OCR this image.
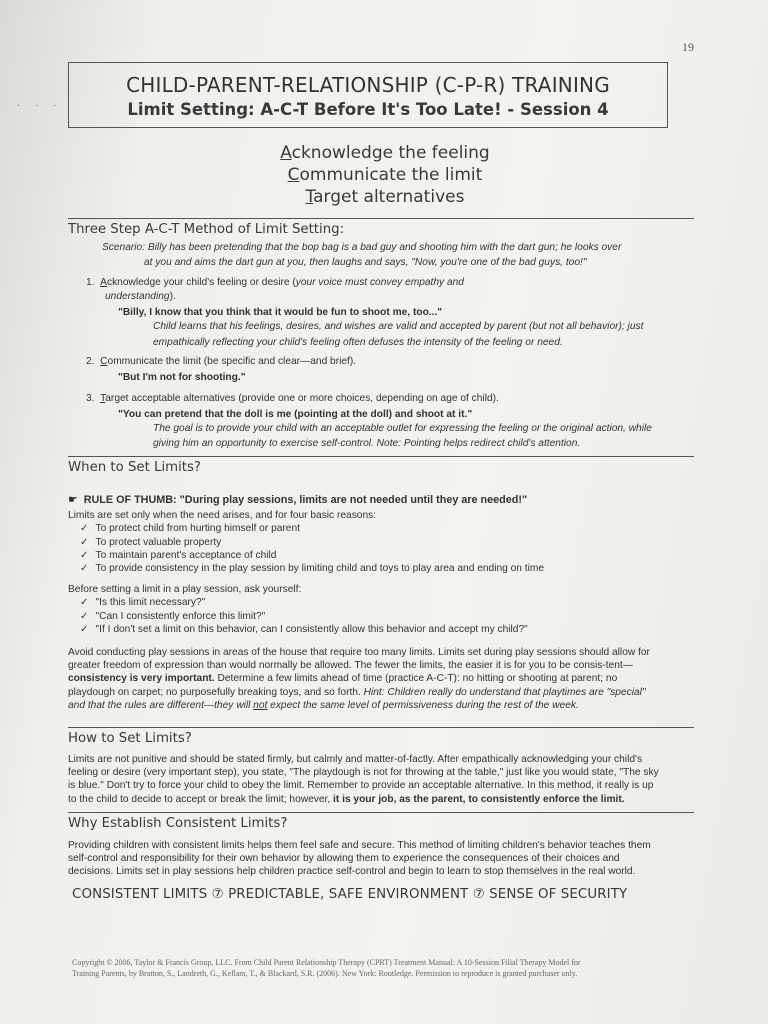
19
· · ·
CHILD-PARENT-RELATIONSHIP (C-P-R) TRAINING
Limit Setting: A-C-T Before It's Too Late! - Session 4
Acknowledge the feeling
Communicate the limit
Target alternatives
Three Step A-C-T Method of Limit Setting:
Scenario: Billy has been pretending that the bop bag is a bad guy and shooting him with the dart gun; he looks over
at you and aims the dart gun at you, then laughs and says, "Now, you're one of the bad guys, too!"
1. Acknowledge your child's feeling or desire (your voice must convey empathy and
understanding).
"Billy, I know that you think that it would be fun to shoot me, too..."
Child learns that his feelings, desires, and wishes are valid and accepted by parent (but not all behavior); just
empathically reflecting your child's feeling often defuses the intensity of the feeling or need.
2. Communicate the limit (be specific and clear—and brief).
"But I'm not for shooting."
3. Target acceptable alternatives (provide one or more choices, depending on age of child).
"You can pretend that the doll is me (pointing at the doll) and shoot at it."
The goal is to provide your child with an acceptable outlet for expressing the feeling or the original action, while
giving him an opportunity to exercise self-control. Note: Pointing helps redirect child's attention.
When to Set Limits?
☛ RULE OF THUMB: "During play sessions, limits are not needed until they are needed!"
Limits are set only when the need arises, and for four basic reasons:
✓ To protect child from hurting himself or parent
✓ To protect valuable property
✓ To maintain parent's acceptance of child
✓ To provide consistency in the play session by limiting child and toys to play area and ending on time
Before setting a limit in a play session, ask yourself:
✓ "Is this limit necessary?"
✓ "Can I consistently enforce this limit?"
✓ "If I don't set a limit on this behavior, can I consistently allow this behavior and accept my child?"
Avoid conducting play sessions in areas of the house that require too many limits. Limits set during play sessions should allow for
greater freedom of expression than would normally be allowed. The fewer the limits, the easier it is for you to be consis-tent—
consistency is very important. Determine a few limits ahead of time (practice A-C-T): no hitting or shooting at parent; no
playdough on carpet; no purposefully breaking toys, and so forth. Hint: Children really do understand that playtimes are "special"
and that the rules are different—they will not expect the same level of permissiveness during the rest of the week.
How to Set Limits?
Limits are not punitive and should be stated firmly, but calmly and matter-of-factly. After empathically acknowledging your child's
feeling or desire (very important step), you state, "The playdough is not for throwing at the table," just like you would state, "The sky
is blue." Don't try to force your child to obey the limit. Remember to provide an acceptable alternative. In this method, it really is up
to the child to decide to accept or break the limit; however, it is your job, as the parent, to consistently enforce the limit.
Why Establish Consistent Limits?
Providing children with consistent limits helps them feel safe and secure. This method of limiting children's behavior teaches them
self-control and responsibility for their own behavior by allowing them to experience the consequences of their choices and
decisions. Limits set in play sessions help children practice self-control and begin to learn to stop themselves in the real world.
CONSISTENT LIMITS ⑦ PREDICTABLE, SAFE ENVIRONMENT ⑦ SENSE OF SECURITY
Copyright © 2006, Taylor & Francis Group, LLC. From Child Parent Relationship Therapy (CPRT) Treatment Manual: A 10-Session Filial Therapy Model for
Training Parents, by Bratton, S., Landreth, G., Kellam, T., & Blackard, S.R. (2006). New York: Routledge. Permission to reproduce is granted purchaser only.
